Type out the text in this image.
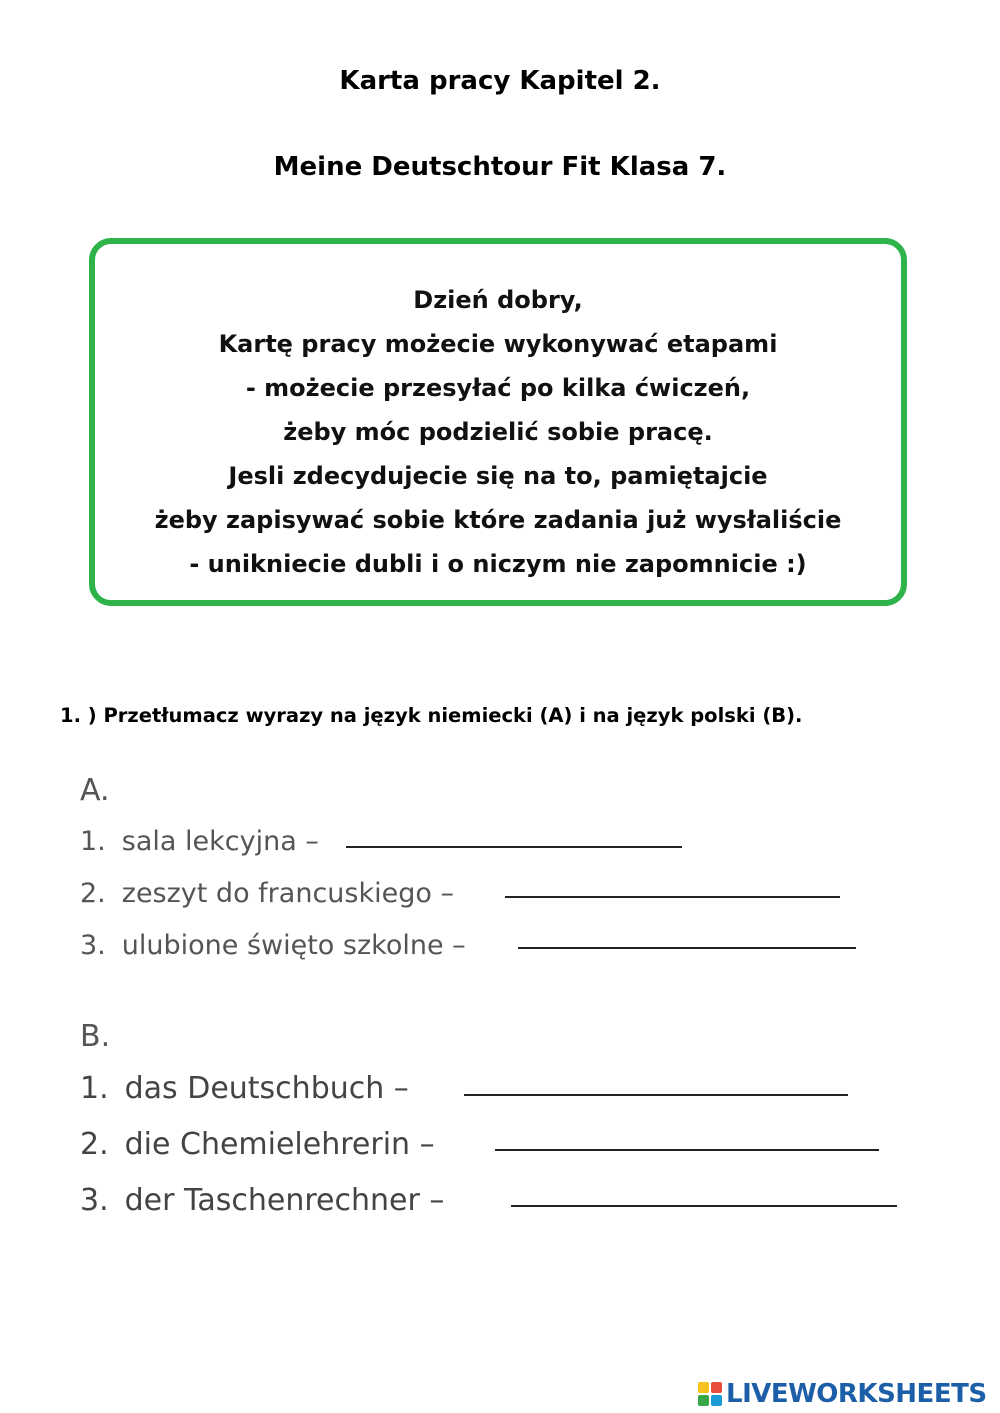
Karta pracy Kapitel 2.
Meine Deutschtour Fit Klasa 7.
Dzień dobry,
Kartę pracy możecie wykonywać etapami
- możecie przesyłać po kilka ćwiczeń,
żeby móc podzielić sobie pracę.
Jesli zdecydujecie się na to, pamiętajcie
żeby zapisywać sobie które zadania już wysłaliście
- unikniecie dubli i o niczym nie zapomnicie :)
1. ) Przetłumacz wyrazy na język niemiecki (A) i na język polski (B).
A.
1. sala lekcyjna –
2. zeszyt do francuskiego –
3. ulubione święto szkolne –
B.
1. das Deutschbuch –
2. die Chemielehrerin –
3. der Taschenrechner –
LIVEWORKSHEETS
